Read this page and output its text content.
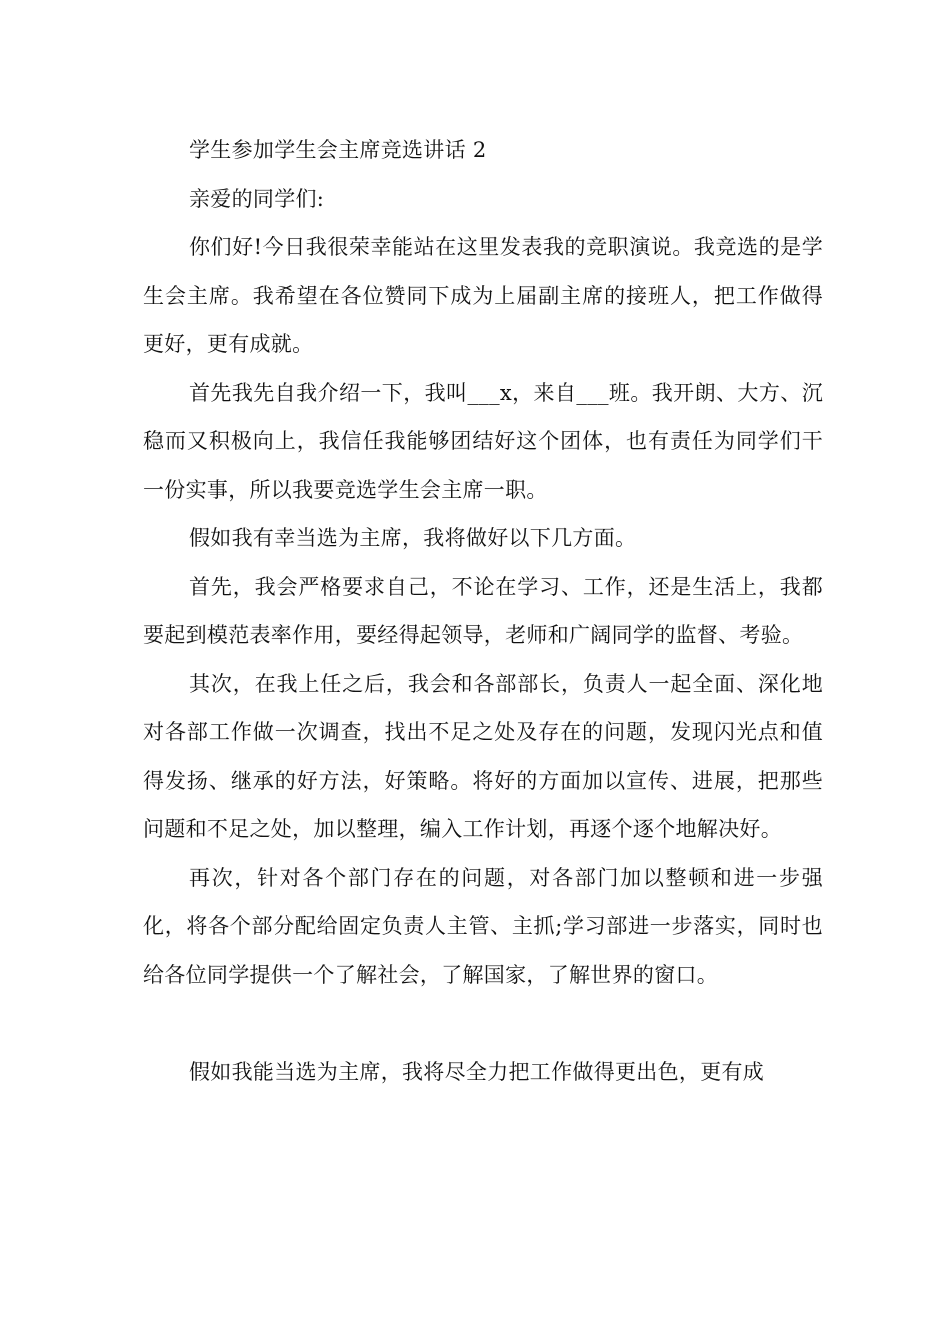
学生参加学生会主席竞选讲话 2

亲爱的同学们:

你们好!今日我很荣幸能站在这里发表我的竞职演说。我竞选的是学生会主席。我希望在各位赞同下成为上届副主席的接班人，把工作做得更好，更有成就。

首先我先自我介绍一下，我叫___x，来自___班。我开朗、大方、沉稳而又积极向上，我信任我能够团结好这个团体，也有责任为同学们干一份实事，所以我要竞选学生会主席一职。

假如我有幸当选为主席，我将做好以下几方面。

首先，我会严格要求自己，不论在学习、工作，还是生活上，我都要起到模范表率作用，要经得起领导，老师和广阔同学的监督、考验。

其次，在我上任之后，我会和各部部长，负责人一起全面、深化地对各部工作做一次调查，找出不足之处及存在的问题，发现闪光点和值得发扬、继承的好方法，好策略。将好的方面加以宣传、进展，把那些问题和不足之处，加以整理，编入工作计划，再逐个逐个地解决好。

再次，针对各个部门存在的问题，对各部门加以整顿和进一步强化，将各个部分配给固定负责人主管、主抓;学习部进一步落实，同时也给各位同学提供一个了解社会，了解国家，了解世界的窗口。

假如我能当选为主席，我将尽全力把工作做得更出色，更有成
